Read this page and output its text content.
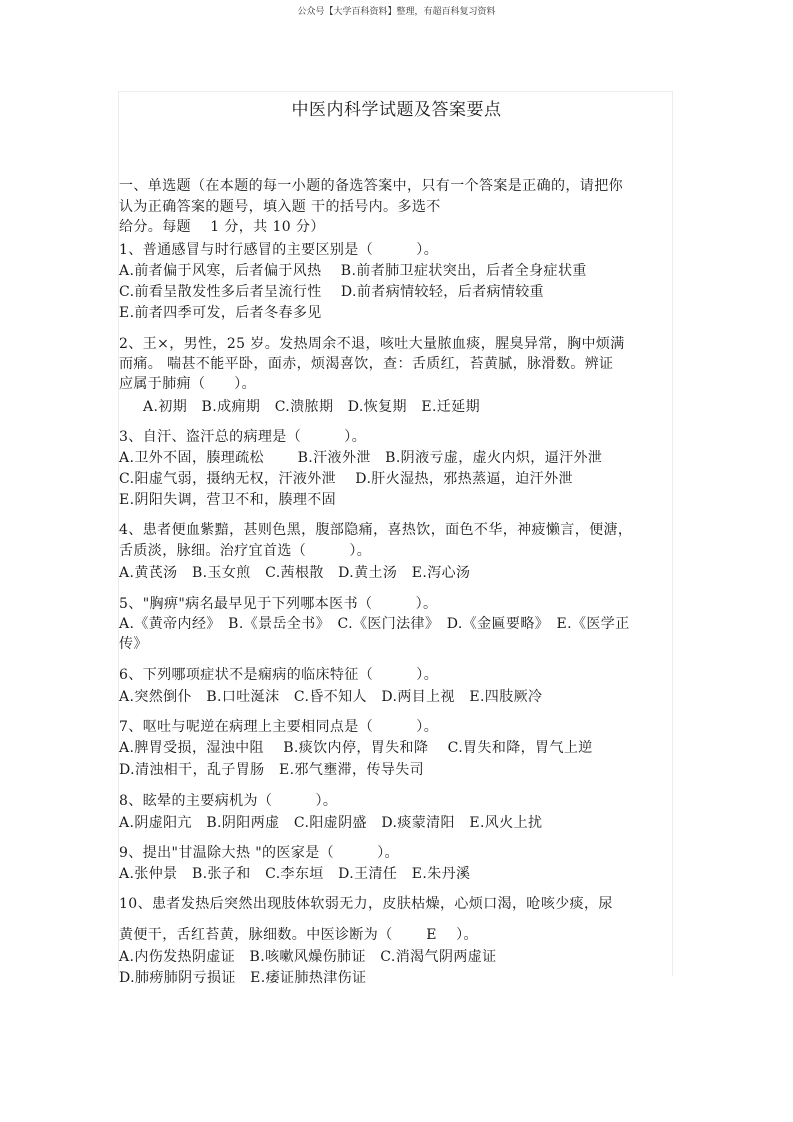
公众号【大学百科资料】整理，有超百科复习资料
中医内科学试题及答案要点
一、单选题（在本题的每一小题的备选答案中，只有一个答案是正确的，请把你
认为正确答案的题号，填入题 干的括号内。多选不
给分。每题　 1 分，共 10 分）
1、普通感冒与时行感冒的主要区别是（　　　）。
A.前者偏于风寒，后者偏于风热　 B.前者肺卫症状突出，后者全身症状重
C.前看呈散发性多后者呈流行性　 D.前者病情较轻，后者病情较重
E.前者四季可发，后者冬春多见
2、王×，男性，25 岁。发热周余不退，咳吐大量脓血痰，腥臭异常，胸中烦满
而痛。 喘甚不能平卧，面赤，烦渴喜饮，查：舌质红，苔黄腻，脉滑数。辨证
应属于肺痈（　　）。
A.初期　B.成痈期　C.溃脓期　D.恢复期　E.迁延期
3、自汗、盗汗总的病理是（　　　）。
A.卫外不固，腠理疏松　　 B.汗液外泄　B.阴液亏虚，虚火内炽，逼汗外泄
C.阳虚气弱，摄纳无权，汗液外泄　 D.肝火湿热，邪热蒸逼，迫汗外泄
E.阴阳失调，营卫不和，腠理不固
4、患者便血紫黯，甚则色黑，腹部隐痛，喜热饮，面色不华，神疲懒言，便溏，
舌质淡，脉细。治疗宜首选（　　　）。
A.黄芪汤　B.玉女煎　C.茜根散　D.黄土汤　E.泻心汤
5、"胸痹"病名最早见于下列哪本医书（　　　）。
A.《黄帝内经》　B.《景岳全书》　C.《医门法律》　D.《金匾要略》　E.《医学正
传》
6、下列哪项症状不是痫病的临床特征（　　　）。
A.突然倒仆　B.口吐涎沫　C.昏不知人　D.两目上视　E.四肢厥冷
7、呕吐与呢逆在病理上主要相同点是（　　　）。
A.脾胃受损，湿浊中阻　 B.痰饮内停，胃失和降　 C.胃失和降，胃气上逆
D.清浊相干，乱子胃肠　E.邪气壅滞，传导失司
8、眩晕的主要病机为（　　　）。
A.阴虚阳亢　B.阴阳两虚　C.阳虚阴盛　D.痰蒙清阳　E.风火上扰
9、提出"甘温除大热 "的医家是（　　　）。
A.张仲景　B.张子和　C.李东垣　D.王清任　E.朱丹溪
10、患者发热后突然出现肢体软弱无力，皮肤枯燥，心烦口渴，呛咳少痰，尿
黄便干，舌红苔黄，脉细数。中医诊断为（　　 E　 ）。
A.内伤发热阴虚证　B.咳嗽风燥伤肺证　C.消渴气阴两虚证
D.肺痨肺阴亏损证　E.痿证肺热津伤证
